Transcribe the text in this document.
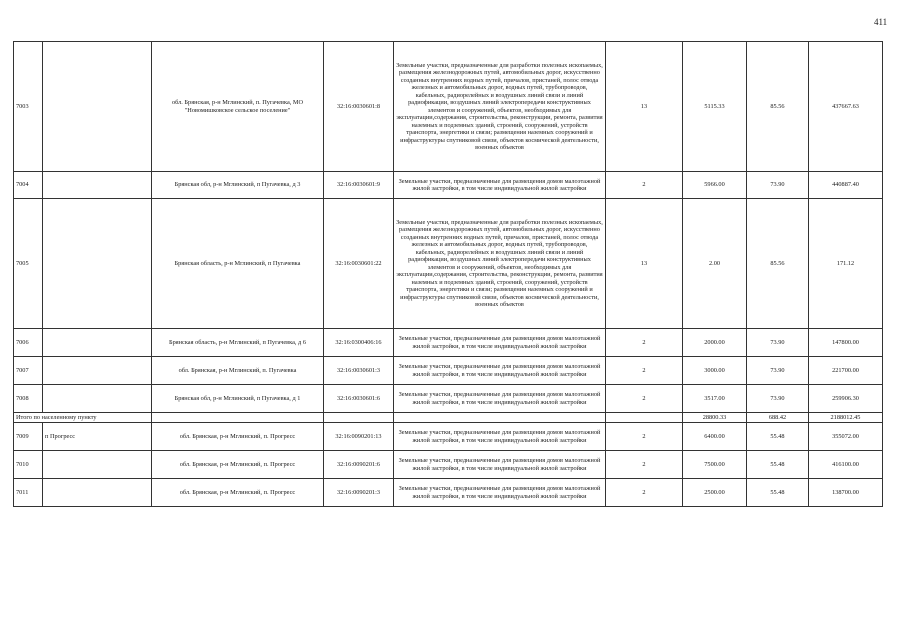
411
7003		обл. Брянская, р-н Мглинский, п. Пугачевка, МО "Новомишковское сельское поселение"	32:16:0030601:8	Земельные участки, предназначенные для разработки полезных ископаемых, размещения железнодорожных путей, автомобильных дорог, искусственно созданных внутренних водных путей, причалов, пристаней, полос отвода железных и автомобильных дорог, водных путей, трубопроводов, кабельных, радиорелейных и воздушных линий связи и линий радиофикации, воздушных линий электропередачи конструктивных элементов и сооружений, объектов, необходимых для эксплуатации,содержания, строительства, реконструкции, ремонта, развития наземных и подземных зданий, строений, сооружений, устройств транспорта, энергетики и связи; размещения наземных сооружений и инфраструктуры спутниковой связи, объектов космической деятельности, военных объектов	13	5115.33	85.56	437667.63
7004		Брянская обл, р-н Мглинский, п Пугачевка, д 3	32:16:0030601:9	Земельные участки, предназначенные для размещения домов малоэтажной жилой застройки, в том числе индивидуальной жилой застройки	2	5966.00	73.90	440887.40
7005		Брянская область, р-н Мглинский, п Пугачевка	32:16:0030601:22	Земельные участки, предназначенные для разработки полезных ископаемых, размещения железнодорожных путей, автомобильных дорог, искусственно созданных внутренних водных путей, причалов, пристаней, полос отвода железных и автомобильных дорог, водных путей, трубопроводов, кабельных, радиорелейных и воздушных линий связи и линий радиофикации, воздушных линий электропередачи конструктивных элементов и сооружений, объектов, необходимых для эксплуатации,содержания, строительства, реконструкции, ремонта, развития наземных и подземных зданий, строений, сооружений, устройств транспорта, энергетики и связи; размещения наземных сооружений и инфраструктуры спутниковой связи, объектов космической деятельности, военных объектов	13	2.00	85.56	171.12
7006		Брянская область, р-н Мглинский, п Пугачевка, д 6	32:16:0300406:16	Земельные участки, предназначенные для размещения домов малоэтажной жилой застройки, в том числе индивидуальной жилой застройки	2	2000.00	73.90	147800.00
7007		обл. Брянская, р-н Мглинский, п. Пугачевка	32:16:0030601:3	Земельные участки, предназначенные для размещения домов малоэтажной жилой застройки, в том числе индивидуальной жилой застройки	2	3000.00	73.90	221700.00
7008		Брянская обл, р-н Мглинский, п Пугачевка, д 1	32:16:0030601:6	Земельные участки, предназначенные для размещения домов малоэтажной жилой застройки, в том числе индивидуальной жилой застройки	2	3517.00	73.90	259906.30
Итого по населенному пункту						28800.33	688.42	2188012.45
7009	п Прогресс	обл. Брянская, р-н Мглинский, п. Прогресс	32:16:0090201:13	Земельные участки, предназначенные для размещения домов малоэтажной жилой застройки, в том числе индивидуальной жилой застройки	2	6400.00	55.48	355072.00
7010		обл. Брянская, р-н Мглинский, п. Прогресс	32:16:0090201:6	Земельные участки, предназначенные для размещения домов малоэтажной жилой застройки, в том числе индивидуальной жилой застройки	2	7500.00	55.48	416100.00
7011		обл. Брянская, р-н Мглинский, п. Прогресс	32:16:0090201:3	Земельные участки, предназначенные для размещения домов малоэтажной жилой застройки, в том числе индивидуальной жилой застройки	2	2500.00	55.48	138700.00
